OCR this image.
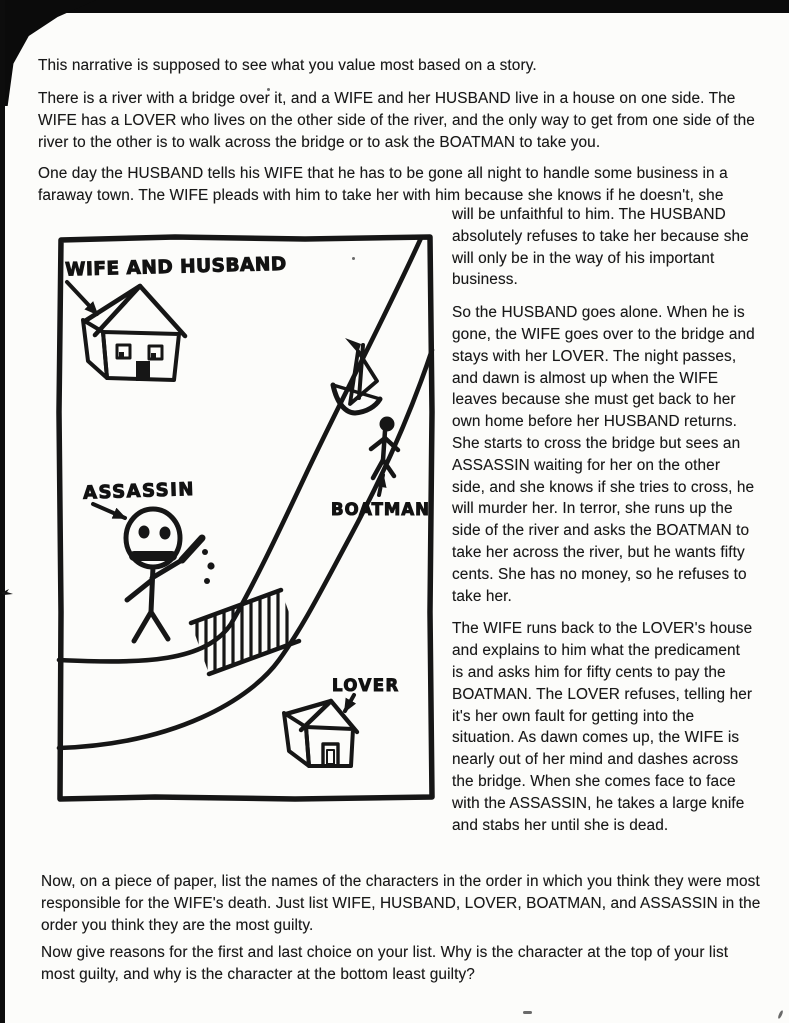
This narrative is supposed to see what you value most based on a story.

There is a river with a bridge over it, and a WIFE and her HUSBAND live in a house on one side. The WIFE has a LOVER who lives on the other side of the river, and the only way to get from one side of the river to the other is to walk across the bridge or to ask the BOATMAN to take you.

One day the HUSBAND tells his WIFE that he has to be gone all night to handle some business in a faraway town. The WIFE pleads with him to take her with him because she knows if he doesn't, she

will be unfaithful to him. The HUSBAND absolutely refuses to take her because she will only be in the way of his important business.

So the HUSBAND goes alone. When he is gone, the WIFE goes over to the bridge and stays with her LOVER. The night passes, and dawn is almost up when the WIFE leaves because she must get back to her own home before her HUSBAND returns. She starts to cross the bridge but sees an ASSASSIN waiting for her on the other side, and she knows if she tries to cross, he will murder her. In terror, she runs up the side of the river and asks the BOATMAN to take her across the river, but he wants fifty cents. She has no money, so he refuses to take her.

The WIFE runs back to the LOVER's house and explains to him what the predicament is and asks him for fifty cents to pay the BOATMAN. The LOVER refuses, telling her it's her own fault for getting into the situation. As dawn comes up, the WIFE is nearly out of her mind and dashes across the bridge. When she comes face to face with the ASSASSIN, he takes a large knife and stabs her until she is dead.

WIFE AND HUSBAND
ASSASSIN
BOATMAN
LOVER

Now, on a piece of paper, list the names of the characters in the order in which you think they were most responsible for the WIFE's death. Just list WIFE, HUSBAND, LOVER, BOATMAN, and ASSASSIN in the order you think they are the most guilty.

Now give reasons for the first and last choice on your list. Why is the character at the top of your list most guilty, and why is the character at the bottom least guilty?
